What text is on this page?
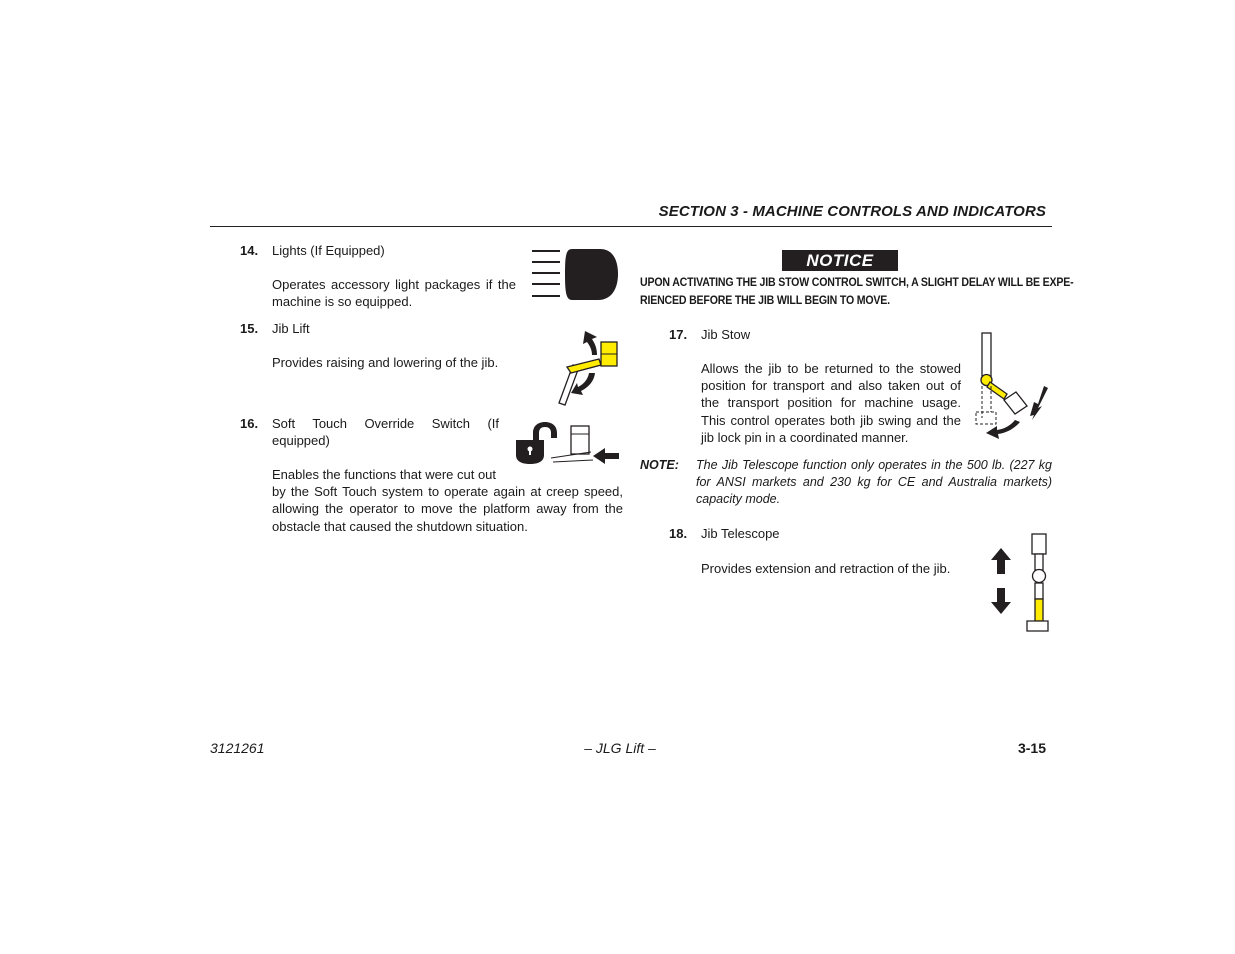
SECTION 3 - MACHINE CONTROLS AND INDICATORS
14. Lights (If Equipped)
Operates accessory light packages if the
machine is so equipped.
15. Jib Lift
Provides raising and lowering of the jib.
16. Soft Touch Override Switch (If
equipped)
Enables the functions that were cut out
by the Soft Touch system to operate again at creep speed,
allowing the operator to move the platform away from the
obstacle that caused the shutdown situation.
NOTICE
UPON ACTIVATING THE JIB STOW CONTROL SWITCH, A SLIGHT DELAY WILL BE EXPE-
RIENCED BEFORE THE JIB WILL BEGIN TO MOVE.
17. Jib Stow
Allows the jib to be returned to the stowed
position for transport and also taken out of
the transport position for machine usage.
This control operates both jib swing and the
jib lock pin in a coordinated manner.
NOTE: The Jib Telescope function only operates in the 500 lb. (227 kg for ANSI markets and 230 kg for CE and Australia markets) capacity mode.
18. Jib Telescope
Provides extension and retraction of the jib.
3121261	– JLG Lift –	3-15
